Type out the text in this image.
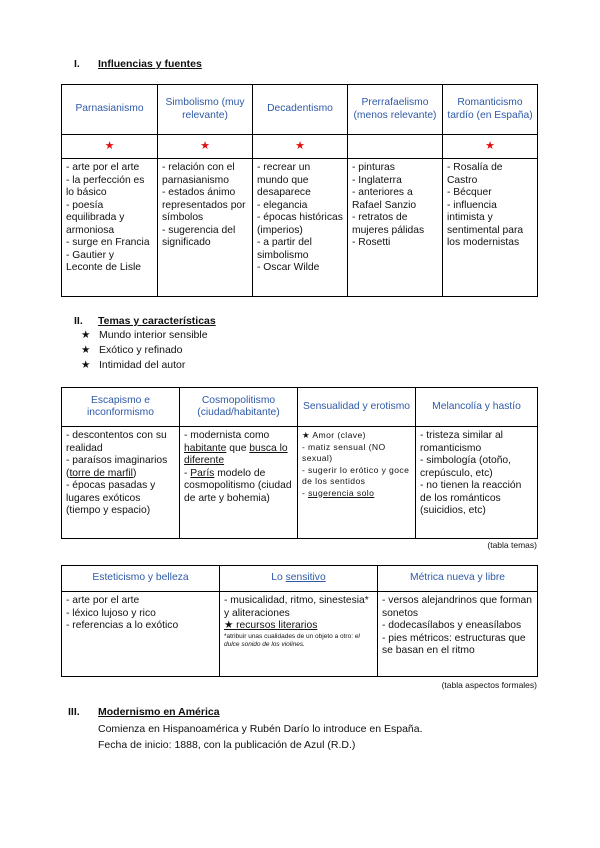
I. Influencias y fuentes
Parnasianismo	Simbolismo (muy relevante)	Decadentismo	Prerrafaelismo (menos relevante)	Romanticismo tardío (en España)
★	★	★		★

- arte por el arte
- la perfección es lo básico
- poesía equilibrada y armoniosa
- surge en Francia
- Gautier y Leconte de Lisle	- relación con el parnasianismo
- estados ánimo representados por símbolos
- sugerencia del significado	- recrear un mundo que desaparece
- elegancia
- épocas históricas (imperios)
- a partir del simbolismo
- Oscar Wilde	- pinturas
- Inglaterra
- anteriores a Rafael Sanzio
- retratos de mujeres pálidas
- Rosetti	- Rosalía de Castro
- Bécquer
- influencia intimista y sentimental para los modernistas
II. Temas y características
★ Mundo interior sensible
★ Exótico y refinado
★ Intimidad del autor
Escapismo e inconformismo	Cosmopolitismo (ciudad/habitante)	Sensualidad y erotismo	Melancolía y hastío

- descontentos con su realidad
- paraísos imaginarios (torre de marfil)
- épocas pasadas y lugares exóticos (tiempo y espacio)	- modernista como habitante que busca lo diferente
- París modelo de cosmopolitismo (ciudad de arte y bohemia)	★ Amor (clave)
- matiz sensual (NO sexual)
- sugerir lo erótico y goce de los sentidos
- sugerencia solo	- tristeza similar al romanticismo
- simbología (otoño, crepúsculo, etc)
- no tienen la reacción de los románticos (suicidios, etc)
(tabla temas)
Esteticismo y belleza	Lo sensitivo	Métrica nueva y libre

- arte por el arte
- léxico lujoso y rico
- referencias a lo exótico	- musicalidad, ritmo, sinestesia* y aliteraciones
★ recursos literarios
*atribuir unas cualidades de un objeto a otro: el dulce sonido de los violines.	- versos alejandrinos que forman sonetos
- dodecasílabos y eneasílabos
- pies métricos: estructuras que se basan en el ritmo
(tabla aspectos formales)
III. Modernismo en América
Comienza en Hispanoamérica y Rubén Darío lo introduce en España.
Fecha de inicio: 1888, con la publicación de Azul (R.D.)
